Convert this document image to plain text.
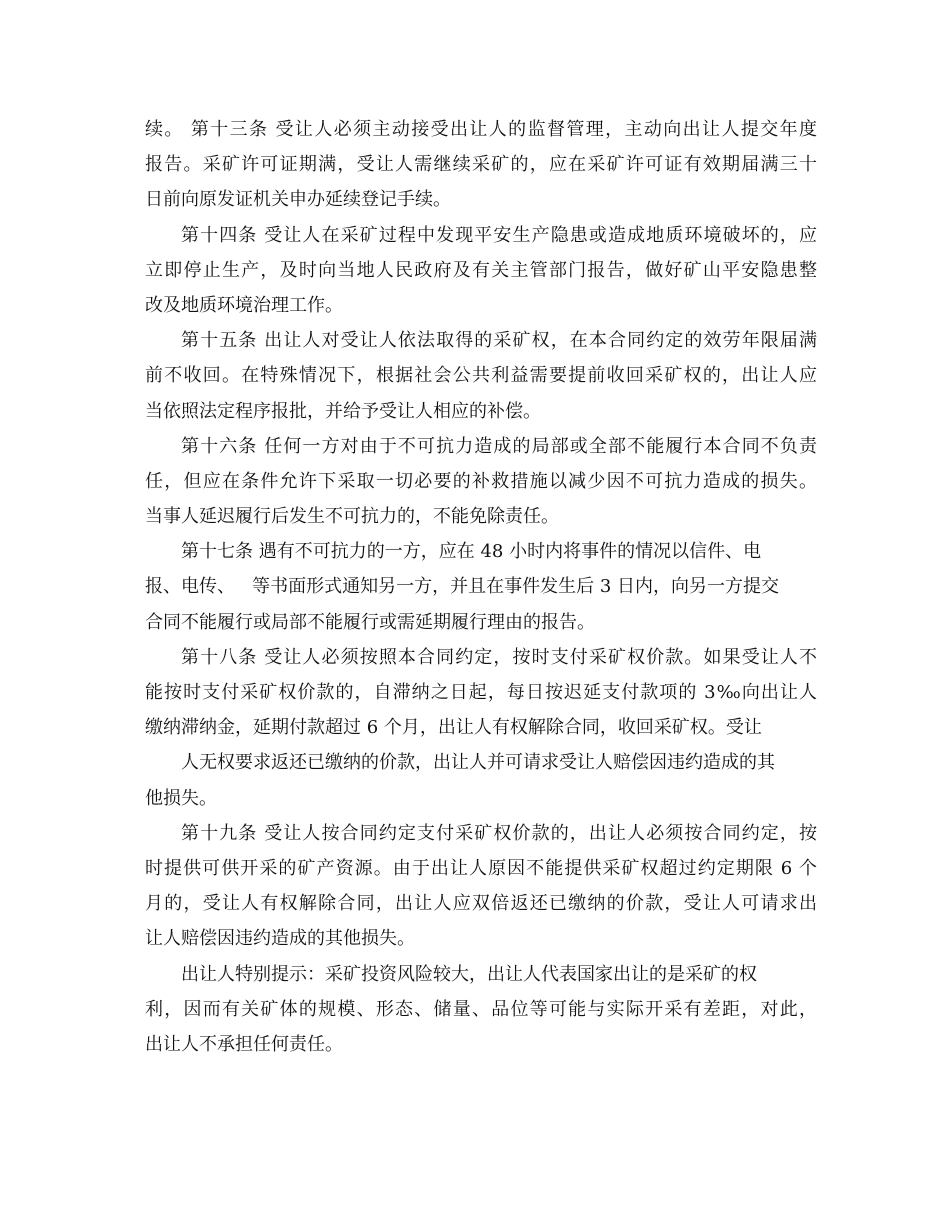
续。 第十三条 受让人必须主动接受出让人的监督管理，主动向出让人提交年度
报告。采矿许可证期满，受让人需继续采矿的，应在采矿许可证有效期届满三十
日前向原发证机关申办延续登记手续。
第十四条 受让人在采矿过程中发现平安生产隐患或造成地质环境破坏的，应
立即停止生产，及时向当地人民政府及有关主管部门报告，做好矿山平安隐患整
改及地质环境治理工作。
第十五条 出让人对受让人依法取得的采矿权，在本合同约定的效劳年限届满
前不收回。在特殊情况下，根据社会公共利益需要提前收回采矿权的，出让人应
当依照法定程序报批，并给予受让人相应的补偿。
第十六条 任何一方对由于不可抗力造成的局部或全部不能履行本合同不负责
任，但应在条件允许下采取一切必要的补救措施以减少因不可抗力造成的损失。
当事人延迟履行后发生不可抗力的，不能免除责任。
第十七条 遇有不可抗力的一方，应在 48 小时内将事件的情况以信件、电
报、电传、   等书面形式通知另一方，并且在事件发生后 3 日内，向另一方提交
合同不能履行或局部不能履行或需延期履行理由的报告。
第十八条 受让人必须按照本合同约定，按时支付采矿权价款。如果受让人不
能按时支付采矿权价款的，自滞纳之日起，每日按迟延支付款项的 3‰向出让人
缴纳滞纳金，延期付款超过 6 个月，出让人有权解除合同，收回采矿权。受让
人无权要求返还已缴纳的价款，出让人并可请求受让人赔偿因违约造成的其
他损失。
第十九条 受让人按合同约定支付采矿权价款的，出让人必须按合同约定，按
时提供可供开采的矿产资源。由于出让人原因不能提供采矿权超过约定期限 6 个
月的，受让人有权解除合同，出让人应双倍返还已缴纳的价款，受让人可请求出
让人赔偿因违约造成的其他损失。
出让人特别提示：采矿投资风险较大，出让人代表国家出让的是采矿的权
利，因而有关矿体的规模、形态、储量、品位等可能与实际开采有差距，对此，
出让人不承担任何责任。
